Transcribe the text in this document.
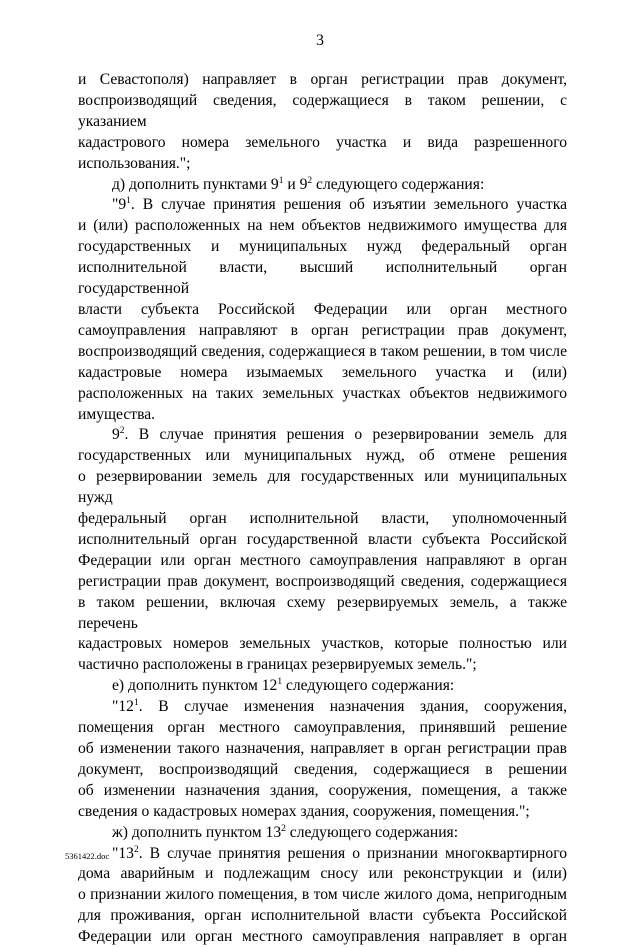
3

и Севастополя) направляет в орган регистрации прав документ,

воспроизводящий сведения, содержащиеся в таком решении, с указанием

кадастрового номера земельного участка и вида разрешенного

использования.";

д) дополнить пунктами $9^1$ и $9^2$ следующего содержания:

"$9^1$. В случае принятия решения об изъятии земельного участка

и (или) расположенных на нем объектов недвижимого имущества для

государственных и муниципальных нужд федеральный орган

исполнительной власти, высший исполнительный орган государственной

власти субъекта Российской Федерации или орган местного

самоуправления направляют в орган регистрации прав документ,

воспроизводящий сведения, содержащиеся в таком решении, в том числе

кадастровые номера изымаемых земельного участка и (или)

расположенных на таких земельных участках объектов недвижимого

имущества.

$9^2$. В случае принятия решения о резервировании земель для

государственных или муниципальных нужд, об отмене решения

о резервировании земель для государственных или муниципальных нужд

федеральный орган исполнительной власти, уполномоченный

исполнительный орган государственной власти субъекта Российской

Федерации или орган местного самоуправления направляют в орган

регистрации прав документ, воспроизводящий сведения, содержащиеся

в таком решении, включая схему резервируемых земель, а также перечень

кадастровых номеров земельных участков, которые полностью или

частично расположены в границах резервируемых земель.";

е) дополнить пунктом $12^1$ следующего содержания:

"$12^1$. В случае изменения назначения здания, сооружения,

помещения орган местного самоуправления, принявший решение

об изменении такого назначения, направляет в орган регистрации прав

документ, воспроизводящий сведения, содержащиеся в решении

об изменении назначения здания, сооружения, помещения, а также

сведения о кадастровых номерах здания, сооружения, помещения.";

ж) дополнить пунктом $13^2$ следующего содержания:

"$13^2$. В случае принятия решения о признании многоквартирного

дома аварийным и подлежащим сносу или реконструкции и (или)

о признании жилого помещения, в том числе жилого дома, непригодным

для проживания, орган исполнительной власти субъекта Российской

Федерации или орган местного самоуправления направляет в орган

5361422.doc
